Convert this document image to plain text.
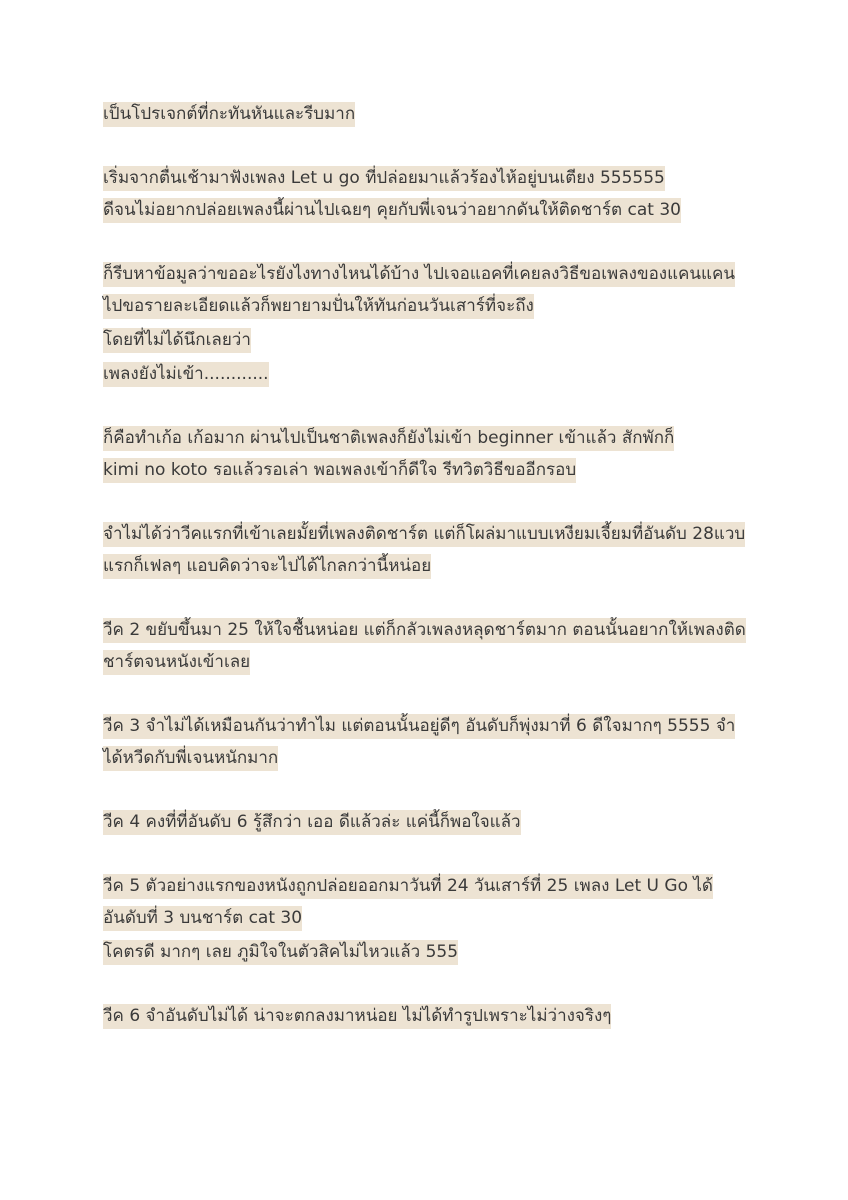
เป็นโปรเจกต์ที่กะทันหันและรีบมาก
เริ่มจากตื่นเช้ามาฟังเพลง Let u go ที่ปล่อยมาแล้วร้องไห้อยู่บนเตียง 555555
ดีจนไม่อยากปล่อยเพลงนี้ผ่านไปเฉยๆ คุยกับพี่เจนว่าอยากดันให้ติดชาร์ต cat 30
ก็รีบหาข้อมูลว่าขออะไรยังไงทางไหนได้บ้าง ไปเจอแอคที่เคยลงวิธีขอเพลงของแคนแคน
ไปขอรายละเอียดแล้วก็พยายามปั่นให้ทันก่อนวันเสาร์ที่จะถึง
โดยที่ไม่ได้นึกเลยว่า
เพลงยังไม่เข้า............
ก็คือทำเก้อ เก้อมาก ผ่านไปเป็นชาติเพลงก็ยังไม่เข้า beginner เข้าแล้ว สักพักก็
kimi no koto รอแล้วรอเล่า พอเพลงเข้าก็ดีใจ รีทวิตวิธีขออีกรอบ
จำไม่ได้ว่าวีคแรกที่เข้าเลยมั้ยที่เพลงติดชาร์ต แต่ก็โผล่มาแบบเหงียมเจี้ยมที่อันดับ 28แวบ
แรกก็เฟลๆ แอบคิดว่าจะไปได้ไกลกว่านี้หน่อย
วีค 2 ขยับขึ้นมา 25 ให้ใจชื้นหน่อย แต่ก็กลัวเพลงหลุดชาร์ตมาก ตอนนั้นอยากให้เพลงติด
ชาร์ตจนหนังเข้าเลย
วีค 3 จำไม่ได้เหมือนกันว่าทำไม แต่ตอนนั้นอยู่ดีๆ อันดับก็พุ่งมาที่ 6 ดีใจมากๆ 5555 จำ
ได้หวีดกับพี่เจนหนักมาก
วีค 4 คงที่ที่อันดับ 6 รู้สึกว่า เออ ดีแล้วล่ะ แค่นี้ก็พอใจแล้ว
วีค 5 ตัวอย่างแรกของหนังถูกปล่อยออกมาวันที่ 24 วันเสาร์ที่ 25 เพลง Let U Go ได้
อันดับที่ 3 บนชาร์ต cat 30
โคตรดี มากๆ เลย ภูมิใจในตัวสิคไม่ไหวแล้ว 555
วีค 6 จำอันดับไม่ได้ น่าจะตกลงมาหน่อย ไม่ได้ทำรูปเพราะไม่ว่างจริงๆ
